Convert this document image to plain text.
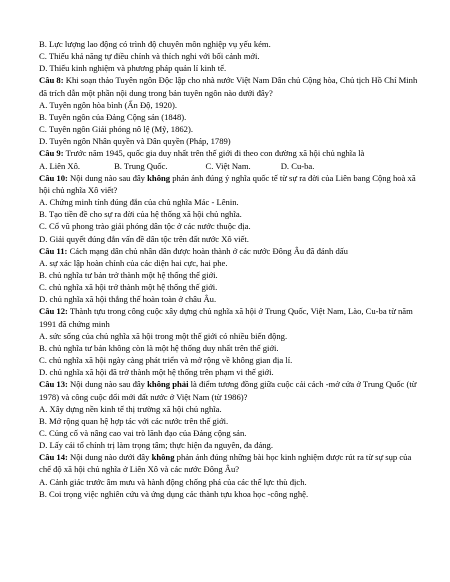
B. Lực lượng lao động có trình độ chuyên môn nghiệp vụ yếu kém.
C. Thiếu khả năng tự điều chỉnh và thích nghi với bối cảnh mới.
D. Thiếu kinh nghiệm và phương pháp quản lí kinh tế.
Câu 8: Khi soạn thảo Tuyên ngôn Độc lập cho nhà nước Việt Nam Dân chủ Cộng hòa, Chủ tịch Hồ Chí Minh đã trích dẫn một phần nội dung trong bản tuyên ngôn nào dưới đây?
A. Tuyên ngôn hòa bình (Ấn Độ, 1920).
B. Tuyên ngôn của Đảng Cộng sản (1848).
C. Tuyên ngôn Giải phóng nô lệ (Mỹ, 1862).
D. Tuyên ngôn Nhân quyền và Dân quyền (Pháp, 1789)
Câu 9: Trước năm 1945, quốc gia duy nhất trên thế giới đi theo con đường xã hội chủ nghĩa là
A. Liên Xô.	B. Trung Quốc.	C. Việt Nam.	D. Cu-ba.
Câu 10: Nội dung nào sau đây không phản ánh đúng ý nghĩa quốc tế từ sự ra đời của Liên bang Cộng hoà xã hội chủ nghĩa Xô viết?
A. Chứng minh tính đúng đắn của chủ nghĩa Mác - Lênin.
B. Tạo tiền đề cho sự ra đời của hệ thống xã hội chủ nghĩa.
C. Cổ vũ phong trào giải phóng dân tộc ở các nước thuộc địa.
D. Giải quyết đúng đắn vấn đề dân tộc trên đất nước Xô viết.
Câu 11: Cách mạng dân chủ nhân dân được hoàn thành ở các nước Đông Âu đã đánh dấu
A. sự xác lập hoàn chỉnh của các diện hai cực, hai phe.
B. chủ nghĩa tư bản trở thành một hệ thống thế giới.
C. chủ nghĩa xã hội trở thành một hệ thống thế giới.
D. chủ nghĩa xã hội thắng thế hoàn toàn ở châu Âu.
Câu 12: Thành tựu trong công cuộc xây dựng chủ nghĩa xã hội ở Trung Quốc, Việt Nam, Lào, Cu-ba từ năm 1991 đã chứng minh
A. sức sống của chủ nghĩa xã hội trong một thế giới có nhiều biến động.
B. chủ nghĩa tư bản không còn là một hệ thống duy nhất trên thế giới.
C. chủ nghĩa xã hội ngày càng phát triển và mở rộng về không gian địa lí.
D. chủ nghĩa xã hội đã trở thành một hệ thống trên phạm vi thế giới.
Câu 13: Nội dung nào sau đây không phải là điểm tương đồng giữa cuộc cải cách -mở cửa ở Trung Quốc (từ 1978) và công cuộc đổi mới đất nước ở Việt Nam (từ 1986)?
A. Xây dựng nền kinh tế thị trường xã hội chủ nghĩa.
B. Mở rộng quan hệ hợp tác với các nước trên thế giới.
C. Củng cố và nâng cao vai trò lãnh đạo của Đảng cộng sản.
D. Lấy cải tổ chính trị làm trọng tâm; thực hiện đa nguyên, đa đảng.
Câu 14: Nội dung nào dưới đây không phản ánh đúng những bài học kinh nghiệm được rút ra từ sự sụp của chế độ xã hội chủ nghĩa ở Liên Xô và các nước Đông Âu?
A. Cảnh giác trước âm mưu và hành động chống phá của các thế lực thù địch.
B. Coi trọng việc nghiên cứu và ứng dụng các thành tựu khoa học -công nghệ.
